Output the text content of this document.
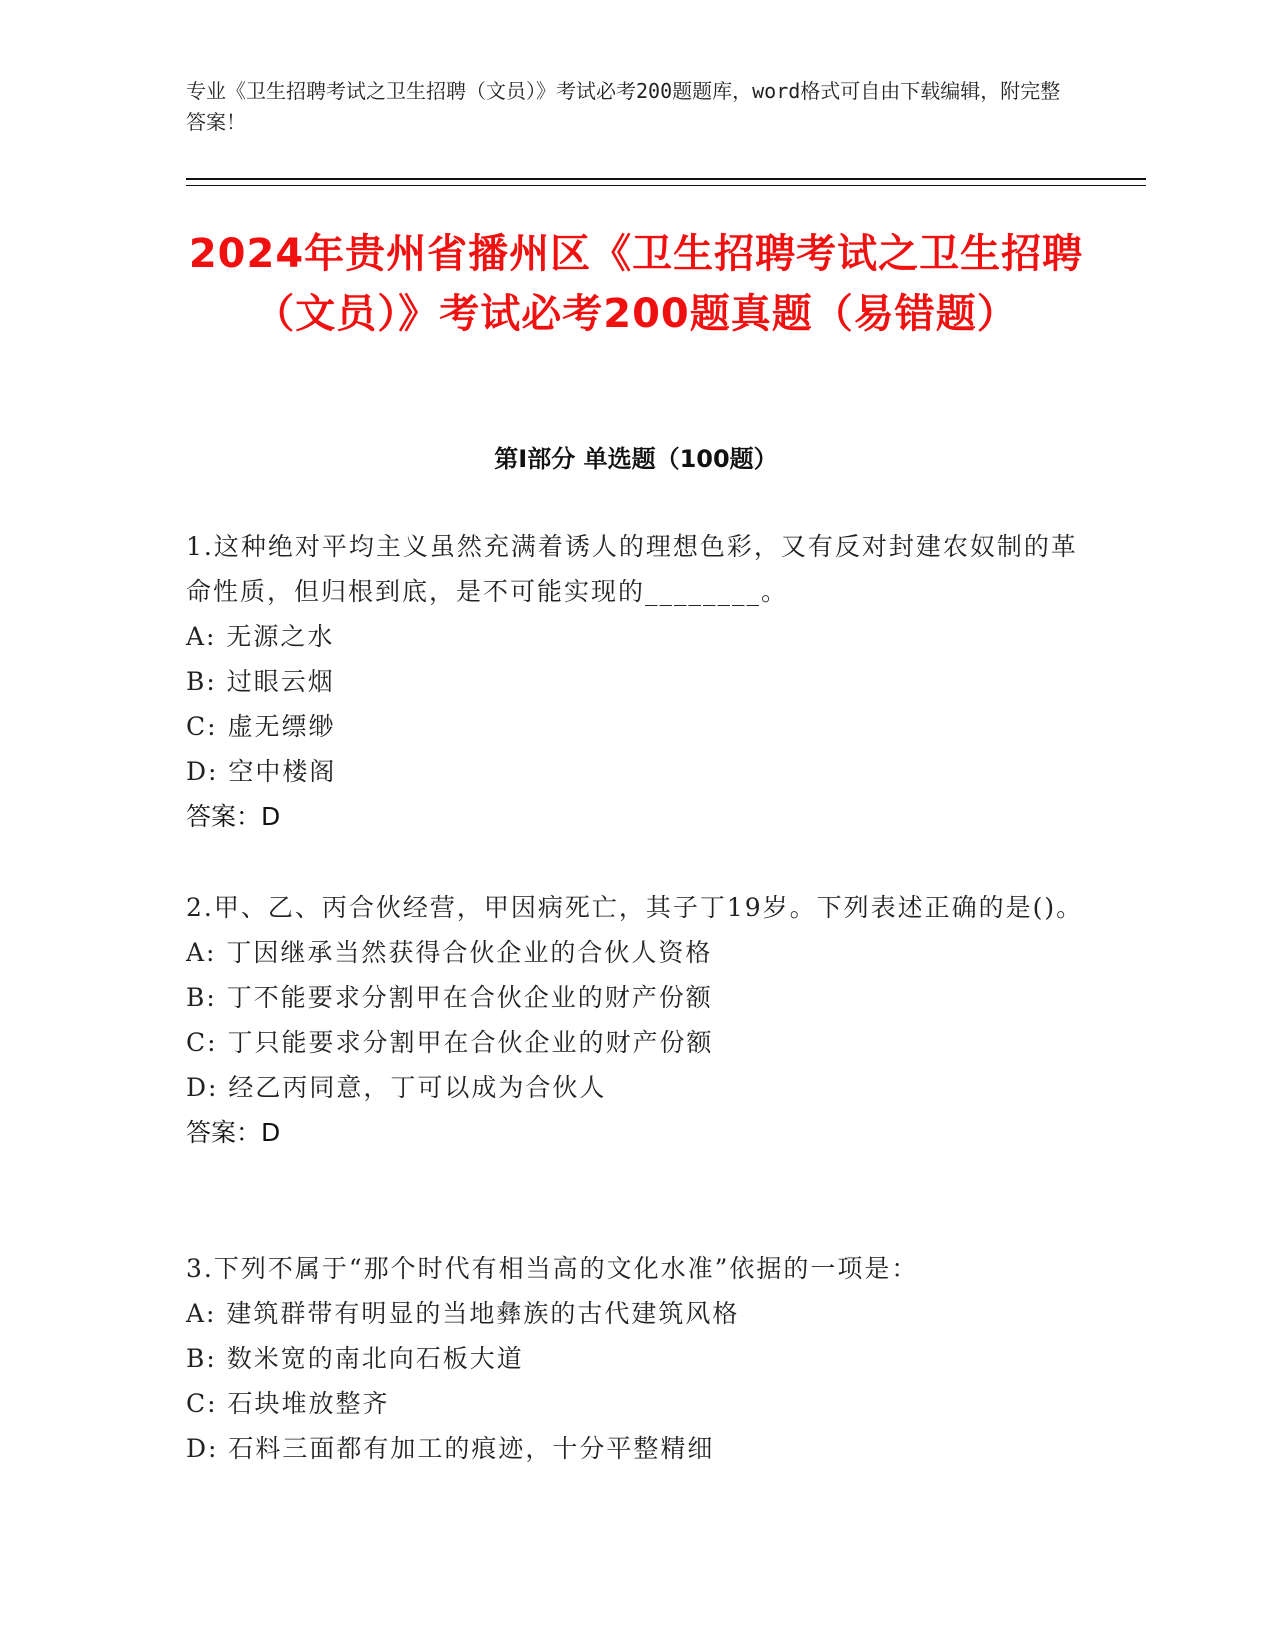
专业《卫生招聘考试之卫生招聘（文员）》考试必考200题题库，word格式可自由下载编辑，附完整答案！
2024年贵州省播州区《卫生招聘考试之卫生招聘（文员）》考试必考200题真题（易错题）
第I部分 单选题（100题）
1.这种绝对平均主义虽然充满着诱人的理想色彩，又有反对封建农奴制的革命性质，但归根到底，是不可能实现的________。
A: 无源之水
B: 过眼云烟
C: 虚无缥缈
D: 空中楼阁
答案：D
2.甲、乙、丙合伙经营，甲因病死亡，其子丁19岁。下列表述正确的是()。
A: 丁因继承当然获得合伙企业的合伙人资格
B: 丁不能要求分割甲在合伙企业的财产份额
C: 丁只能要求分割甲在合伙企业的财产份额
D: 经乙丙同意，丁可以成为合伙人
答案：D
3.下列不属于“那个时代有相当高的文化水准”依据的一项是：
A: 建筑群带有明显的当地彝族的古代建筑风格
B: 数米宽的南北向石板大道
C: 石块堆放整齐
D: 石料三面都有加工的痕迹，十分平整精细
